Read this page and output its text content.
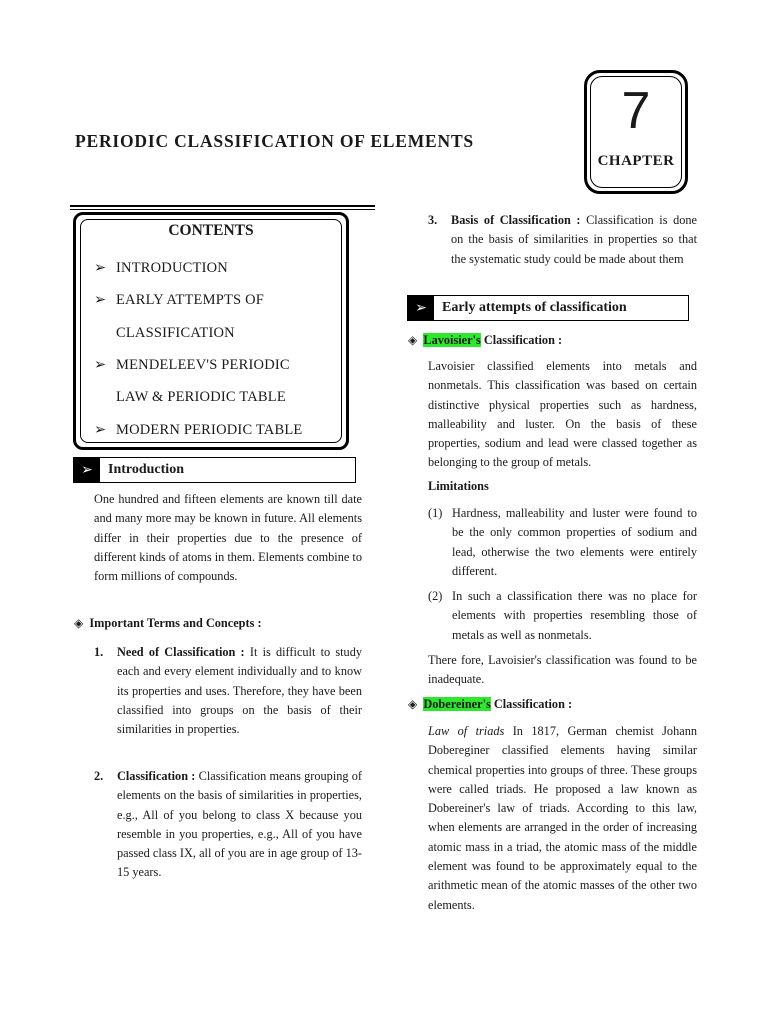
PERIODIC CLASSIFICATION OF ELEMENTS
7
CHAPTER
CONTENTS
➢ INTRODUCTION
➢ EARLY ATTEMPTS OF
CLASSIFICATION
➢ MENDELEEV'S PERIODIC
LAW & PERIODIC TABLE
➢ MODERN PERIODIC TABLE
➢	Introduction
One hundred and fifteen elements are known till date and many more may be known in future. All elements differ in their properties due to the presence of different kinds of atoms in them. Elements combine to form millions of compounds.
◈ Important Terms and Concepts :
1. Need of Classification : It is difficult to study each and every element individually and to know its properties and uses. Therefore, they have been classified into groups on the basis of their similarities in properties.
2. Classification : Classification means grouping of elements on the basis of similarities in properties, e.g., All of you belong to class X because you resemble in you properties, e.g., All of you have passed class IX, all of you are in age group of 13-15 years.
3. Basis of Classification : Classification is done on the basis of similarities in properties so that the systematic study could be made about them
➢	Early attempts of classification
◈ Lavoisier's Classification :
Lavoisier classified elements into metals and nonmetals. This classification was based on certain distinctive physical properties such as hardness, malleability and luster. On the basis of these properties, sodium and lead were classed together as belonging to the group of metals.
Limitations
(1) Hardness, malleability and luster were found to be the only common properties of sodium and lead, otherwise the two elements were entirely different.
(2) In such a classification there was no place for elements with properties resembling those of metals as well as nonmetals.
There fore, Lavoisier's classification was found to be inadequate.
◈ Dobereiner's Classification :
Law of triads In 1817, German chemist Johann Dobereginer classified elements having similar chemical properties into groups of three. These groups were called triads. He proposed a law known as Dobereiner's law of triads. According to this law, when elements are arranged in the order of increasing atomic mass in a triad, the atomic mass of the middle element was found to be approximately equal to the arithmetic mean of the atomic masses of the other two elements.
